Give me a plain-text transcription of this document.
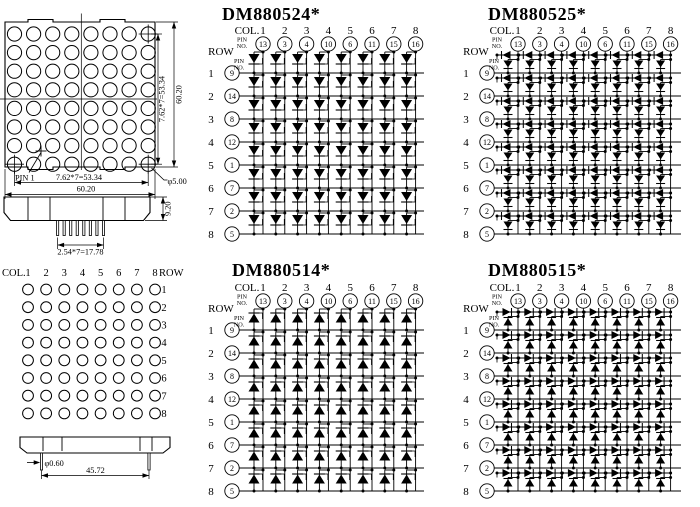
7.62*7=53.34 60.20
7.62*7=53.34
60.20
PIN 1	φ5.00
9.20
2.54*7=17.78
COL.	ROW
1 2 3 4 5 6 7 8
1
2
3
4
5
6
7
8
φ0.60
45.72
DM880524*	DM880525*
DM880514*	DM880515*
COL.
ROW
PIN
NO.
PIN
NO.
1
13
2
3
3
4
4
10
5
6
6
11
7
15
8
16
1 9
2 14
3 8
4 12
5 1
6 7
7 2
8 5
COL.
ROW
PIN
NO.
PIN
NO.
1
13
2
3
3
4
4
10
5
6
6
11
7
15
8
16
1 9
2 14
3 8
4 12
5 1
6 7
7 2
8 5
COL.
ROW
PIN
NO.
PIN
NO.
1
13
2
3
3
4
4
10
5
6
6
11
7
15
8
16
1 9
2 14
3 8
4 12
5 1
6 7
7 2
8 5
COL.
ROW
PIN
NO.
PIN
NO.
1
13
2
3
3
4
4
10
5
6
6
11
7
15
8
16
1 9
2 14
3 8
4 12
5 1
6 7
7 2
8 5
